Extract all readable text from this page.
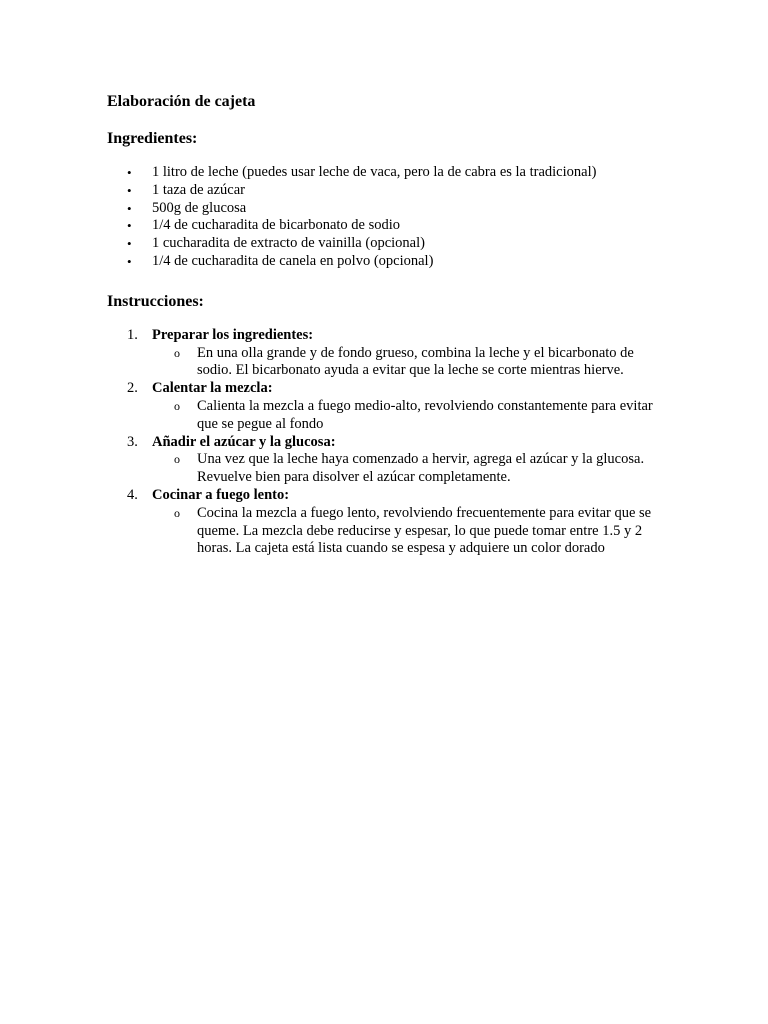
Elaboración de cajeta
Ingredientes:
• 1 litro de leche (puedes usar leche de vaca, pero la de cabra es la tradicional)
• 1 taza de azúcar
• 500g de glucosa
• 1/4 de cucharadita de bicarbonato de sodio
• 1 cucharadita de extracto de vainilla (opcional)
• 1/4 de cucharadita de canela en polvo (opcional)
Instrucciones:
1. Preparar los ingredientes:
o En una olla grande y de fondo grueso, combina la leche y el bicarbonato de sodio. El bicarbonato ayuda a evitar que la leche se corte mientras hierve.
2. Calentar la mezcla:
o Calienta la mezcla a fuego medio-alto, revolviendo constantemente para evitar que se pegue al fondo
3. Añadir el azúcar y la glucosa:
o Una vez que la leche haya comenzado a hervir, agrega el azúcar y la glucosa. Revuelve bien para disolver el azúcar completamente.
4. Cocinar a fuego lento:
o Cocina la mezcla a fuego lento, revolviendo frecuentemente para evitar que se queme. La mezcla debe reducirse y espesar, lo que puede tomar entre 1.5 y 2 horas. La cajeta está lista cuando se espesa y adquiere un color dorado
